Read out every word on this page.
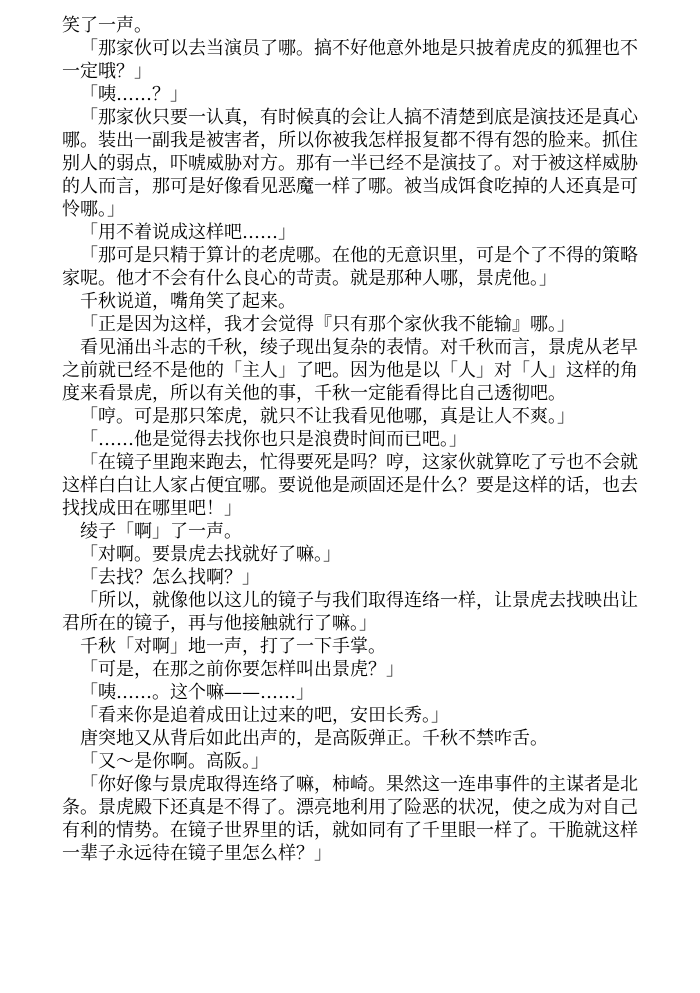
笑了一声。

「那家伙可以去当演员了哪。搞不好他意外地是只披着虎皮的狐狸也不一定哦？」

「咦……？」

「那家伙只要一认真，有时候真的会让人搞不清楚到底是演技还是真心哪。装出一副我是被害者，所以你被我怎样报复都不得有怨的脸来。抓住别人的弱点，吓唬威胁对方。那有一半已经不是演技了。对于被这样威胁的人而言，那可是好像看见恶魔一样了哪。被当成饵食吃掉的人还真是可怜哪。」

「用不着说成这样吧……」

「那可是只精于算计的老虎哪。在他的无意识里，可是个了不得的策略家呢。他才不会有什么良心的苛责。就是那种人哪，景虎他。」

千秋说道，嘴角笑了起来。

「正是因为这样，我才会觉得『只有那个家伙我不能输』哪。」

看见涌出斗志的千秋，绫子现出复杂的表情。对千秋而言，景虎从老早之前就已经不是他的「主人」了吧。因为他是以「人」对「人」这样的角度来看景虎，所以有关他的事，千秋一定能看得比自己透彻吧。

「哼。可是那只笨虎，就只不让我看见他哪，真是让人不爽。」

「……他是觉得去找你也只是浪费时间而已吧。」

「在镜子里跑来跑去，忙得要死是吗？哼，这家伙就算吃了亏也不会就这样白白让人家占便宜哪。要说他是顽固还是什么？要是这样的话，也去找找成田在哪里吧！」

绫子「啊」了一声。

「对啊。要景虎去找就好了嘛。」

「去找？怎么找啊？」

「所以，就像他以这儿的镜子与我们取得连络一样，让景虎去找映出让君所在的镜子，再与他接触就行了嘛。」

千秋「对啊」地一声，打了一下手掌。

「可是，在那之前你要怎样叫出景虎？」

「咦……。这个嘛——……」

「看来你是追着成田让过来的吧，安田长秀。」

唐突地又从背后如此出声的，是高阪弹正。千秋不禁咋舌。

「又～是你啊。高阪。」

「你好像与景虎取得连络了嘛，柿崎。果然这一连串事件的主谋者是北条。景虎殿下还真是不得了。漂亮地利用了险恶的状况，使之成为对自己有利的情势。在镜子世界里的话，就如同有了千里眼一样了。干脆就这样一辈子永远待在镜子里怎么样？」
